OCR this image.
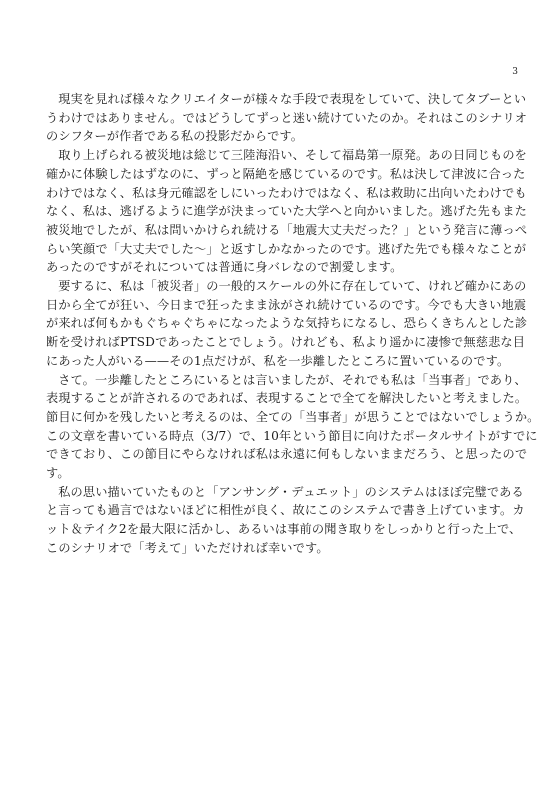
3

現実を見れば様々なクリエイターが様々な手段で表現をしていて、決してタブーとい
うわけではありません。ではどうしてずっと迷い続けていたのか。それはこのシナリオ
のシフターが作者である私の投影だからです。

取り上げられる被災地は総じて三陸海沿い、そして福島第一原発。あの日同じものを
確かに体験したはずなのに、ずっと隔絶を感じているのです。私は決して津波に合った
わけではなく、私は身元確認をしにいったわけではなく、私は救助に出向いたわけでも
なく、私は、逃げるように進学が決まっていた大学へと向かいました。逃げた先もまた
被災地でしたが、私は問いかけられ続ける「地震大丈夫だった？」という発言に薄っぺ
らい笑顔で「大丈夫でした〜」と返すしかなかったのです。逃げた先でも様々なことが
あったのですがそれについては普通に身バレなので割愛します。

要するに、私は「被災者」の一般的スケールの外に存在していて、けれど確かにあの
日から全てが狂い、今日まで狂ったまま泳がされ続けているのです。今でも大きい地震
が来れば何もかもぐちゃぐちゃになったような気持ちになるし、恐らくきちんとした診
断を受ければPTSDであったことでしょう。けれども、私より遥かに凄惨で無慈悲な目
にあった人がいる——その1点だけが、私を一歩離したところに置いているのです。

さて。一歩離したところにいるとは言いましたが、それでも私は「当事者」であり、
表現することが許されるのであれば、表現することで全てを解決したいと考えました。
節目に何かを残したいと考えるのは、全ての「当事者」が思うことではないでしょうか。
この文章を書いている時点（3/7）で、10年という節目に向けたポータルサイトがすでに
できており、この節目にやらなければ私は永遠に何もしないままだろう、と思ったので
す。

私の思い描いていたものと「アンサング・デュエット」のシステムはほぼ完璧である
と言っても過言ではないほどに相性が良く、故にこのシステムで書き上げています。カ
ット＆テイク2を最大限に活かし、あるいは事前の聞き取りをしっかりと行った上で、
このシナリオで「考えて」いただければ幸いです。
